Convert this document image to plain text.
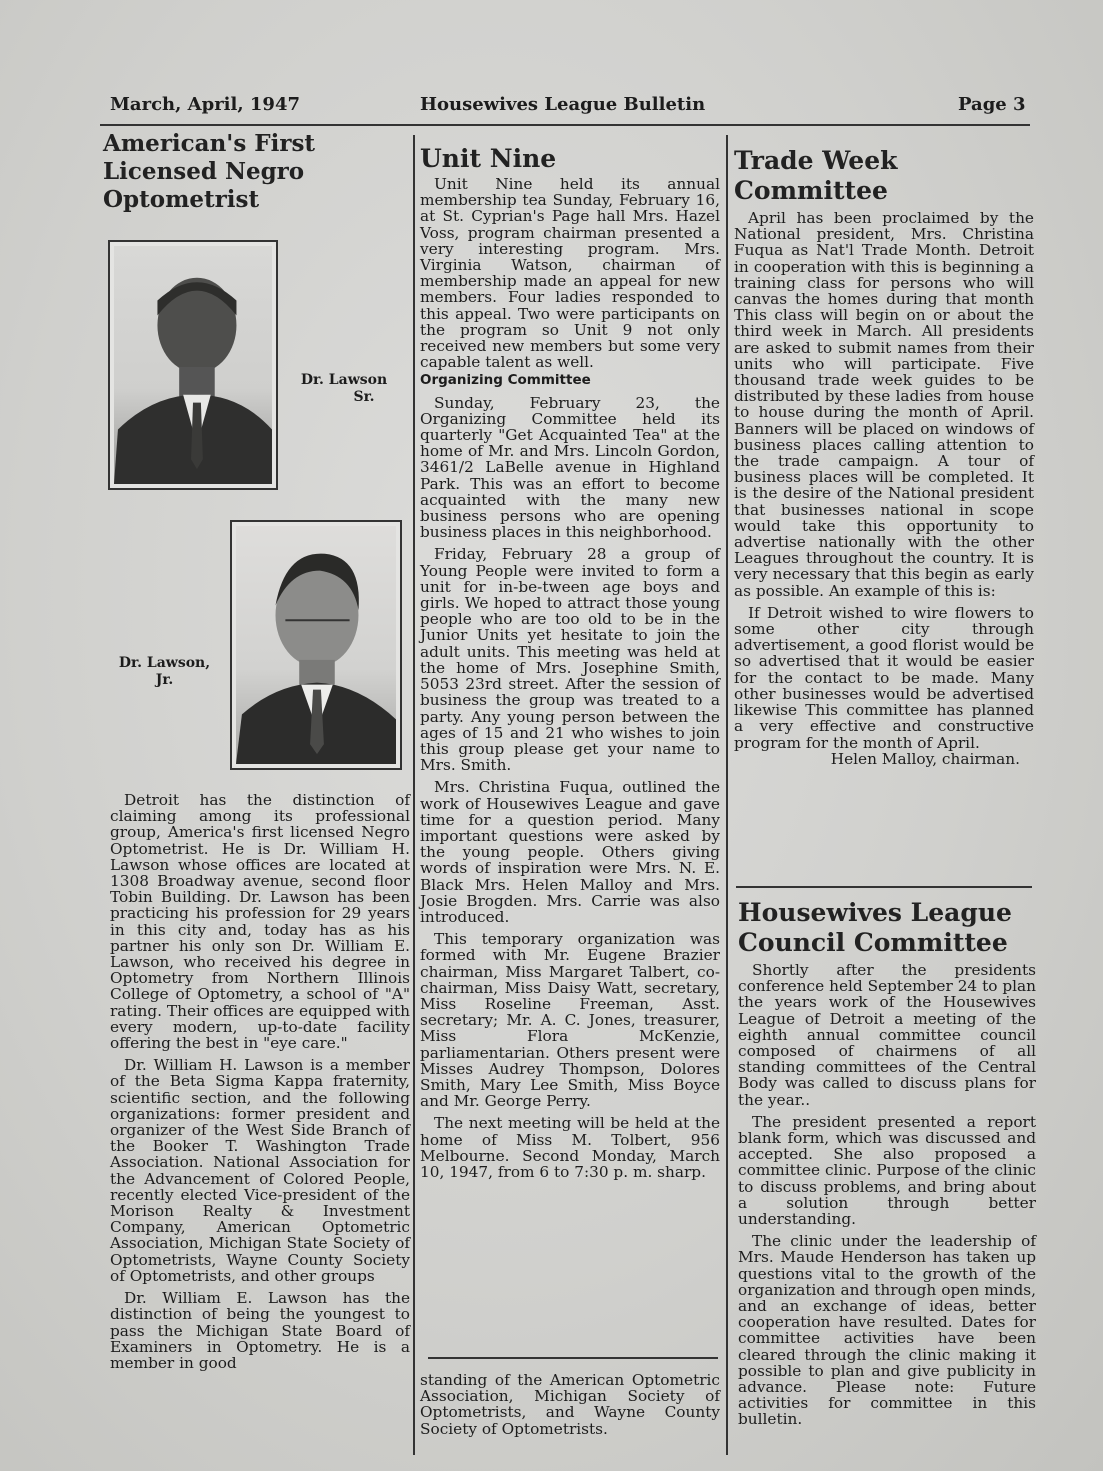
March, April, 1947	Housewives League Bulletin	Page 3
American's First
Licensed Negro
Optometrist
Dr. Lawson
Sr.
Dr. Lawson,
Jr.

Detroit has the distinction of claiming among its professional group, America's first licensed Negro Optometrist. He is Dr. William H. Lawson whose offices are located at 1308 Broadway avenue, second floor Tobin Building. Dr. Lawson has been practicing his profession for 29 years in this city and, today has as his partner his only son Dr. William E. Lawson, who received his degree in Optometry from Northern Illinois College of Optometry, a school of "A" rating. Their offices are equipped with every modern, up-to-date facility offering the best in "eye care."

Dr. William H. Lawson is a member of the Beta Sigma Kappa fraternity, scientific section, and the following organizations: former president and organizer of the West Side Branch of the Booker T. Washington Trade Association. National Association for the Advancement of Colored People, recently elected Vice-president of the Morison Realty & Investment Company, American Optometric Association, Michigan State Society of Optometrists, Wayne County Society of Optometrists, and other groups

Dr. William E. Lawson has the distinction of being the youngest to pass the Michigan State Board of Examiners in Optometry. He is a member in good

Unit Nine

Unit Nine held its annual membership tea Sunday, February 16, at St. Cyprian's Page hall Mrs. Hazel Voss, program chairman presented a very interesting program. Mrs. Virginia Watson, chairman of membership made an appeal for new members. Four ladies responded to this appeal. Two were participants on the program so Unit 9 not only received new members but some very capable talent as well.

Organizing Committee

Sunday, February 23, the Organizing Committee held its quarterly "Get Acquainted Tea" at the home of Mr. and Mrs. Lincoln Gordon, 3461/2 LaBelle avenue in Highland Park. This was an effort to become acquainted with the many new business persons who are opening business places in this neighborhood.

Friday, February 28 a group of Young People were invited to form a unit for in-be-tween age boys and girls. We hoped to attract those young people who are too old to be in the Junior Units yet hesitate to join the adult units. This meeting was held at the home of Mrs. Josephine Smith, 5053 23rd street. After the session of business the group was treated to a party. Any young person between the ages of 15 and 21 who wishes to join this group please get your name to Mrs. Smith.

Mrs. Christina Fuqua, outlined the work of Housewives League and gave time for a question period. Many important questions were asked by the young people. Others giving words of inspiration were Mrs. N. E. Black Mrs. Helen Malloy and Mrs. Josie Brogden. Mrs. Carrie was also introduced.

This temporary organization was formed with Mr. Eugene Brazier chairman, Miss Margaret Talbert, co-chairman, Miss Daisy Watt, secretary, Miss Roseline Freeman, Asst. secretary; Mr. A. C. Jones, treasurer, Miss Flora McKenzie, parliamentarian. Others present were Misses Audrey Thompson, Dolores Smith, Mary Lee Smith, Miss Boyce and Mr. George Perry.

The next meeting will be held at the home of Miss M. Tolbert, 956 Melbourne. Second Monday, March 10, 1947, from 6 to 7:30 p. m. sharp.

standing of the American Optometric Association, Michigan Society of Optometrists, and Wayne County Society of Optometrists.

Trade Week
Committee

April has been proclaimed by the National president, Mrs. Christina Fuqua as Nat'l Trade Month. Detroit in cooperation with this is beginning a training class for persons who will canvas the homes during that month This class will begin on or about the third week in March. All presidents are asked to submit names from their units who will participate. Five thousand trade week guides to be distributed by these ladies from house to house during the month of April. Banners will be placed on windows of business places calling attention to the trade campaign. A tour of business places will be completed. It is the desire of the National president that businesses national in scope would take this opportunity to advertise nationally with the other Leagues throughout the country. It is very necessary that this begin as early as possible. An example of this is:

If Detroit wished to wire flowers to some other city through advertisement, a good florist would be so advertised that it would be easier for the contact to be made. Many other businesses would be advertised likewise This committee has planned a very effective and constructive program for the month of April.

Helen Malloy, chairman.

Housewives League
Council Committee

Shortly after the presidents conference held September 24 to plan the years work of the Housewives League of Detroit a meeting of the eighth annual committee council composed of chairmens of all standing committees of the Central Body was called to discuss plans for the year..

The president presented a report blank form, which was discussed and accepted. She also proposed a committee clinic. Purpose of the clinic to discuss problems, and bring about a solution through better understanding.

The clinic under the leadership of Mrs. Maude Henderson has taken up questions vital to the growth of the organization and through open minds, and an exchange of ideas, better cooperation have resulted. Dates for committee activities have been cleared through the clinic making it possible to plan and give publicity in advance. Please note: Future activities for committee in this bulletin.
